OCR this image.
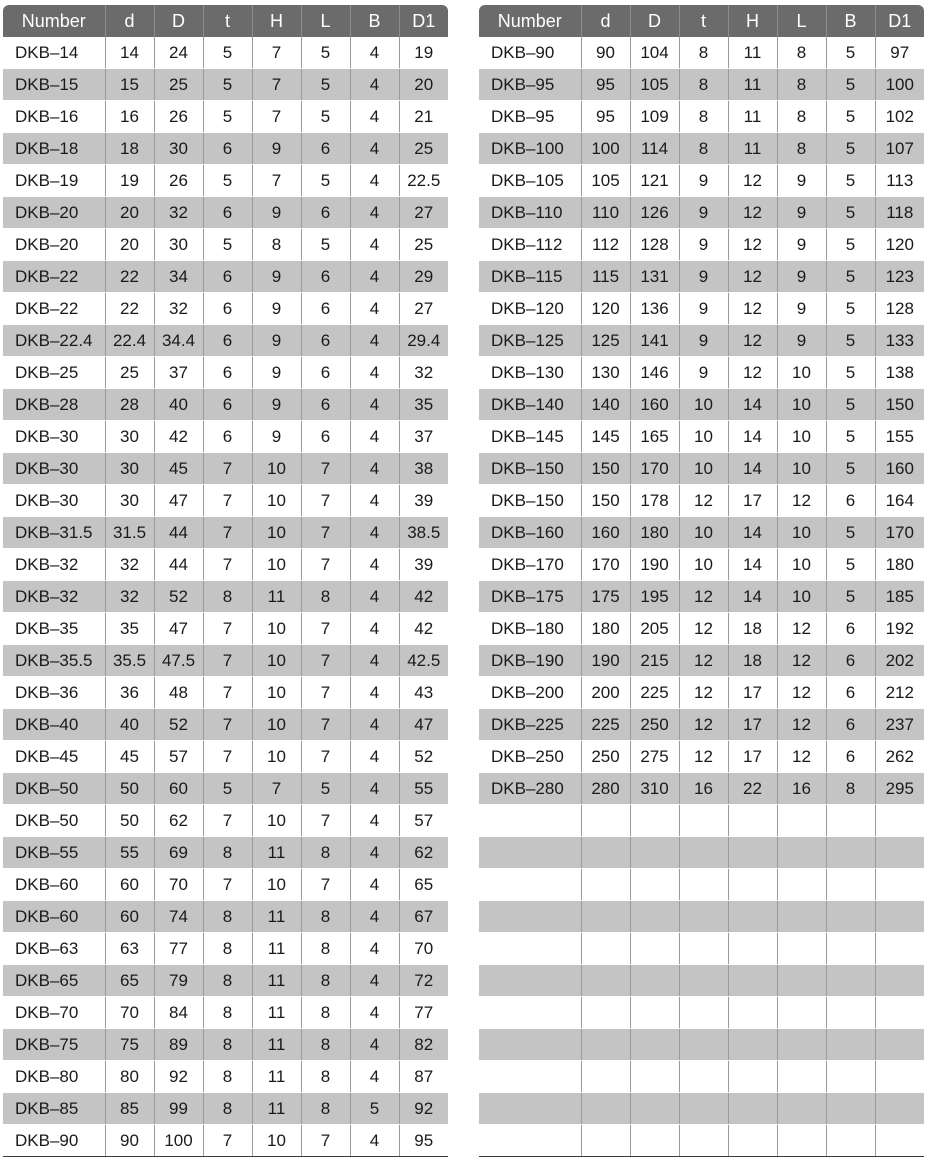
Number	d	D	t	H	L	B	D1
DKB–14	14	24	5	7	5	4	19
DKB–15	15	25	5	7	5	4	20
DKB–16	16	26	5	7	5	4	21
DKB–18	18	30	6	9	6	4	25
DKB–19	19	26	5	7	5	4	22.5
DKB–20	20	32	6	9	6	4	27
DKB–20	20	30	5	8	5	4	25
DKB–22	22	34	6	9	6	4	29
DKB–22	22	32	6	9	6	4	27
DKB–22.4	22.4	34.4	6	9	6	4	29.4
DKB–25	25	37	6	9	6	4	32
DKB–28	28	40	6	9	6	4	35
DKB–30	30	42	6	9	6	4	37
DKB–30	30	45	7	10	7	4	38
DKB–30	30	47	7	10	7	4	39
DKB–31.5	31.5	44	7	10	7	4	38.5
DKB–32	32	44	7	10	7	4	39
DKB–32	32	52	8	11	8	4	42
DKB–35	35	47	7	10	7	4	42
DKB–35.5	35.5	47.5	7	10	7	4	42.5
DKB–36	36	48	7	10	7	4	43
DKB–40	40	52	7	10	7	4	47
DKB–45	45	57	7	10	7	4	52
DKB–50	50	60	5	7	5	4	55
DKB–50	50	62	7	10	7	4	57
DKB–55	55	69	8	11	8	4	62
DKB–60	60	70	7	10	7	4	65
DKB–60	60	74	8	11	8	4	67
DKB–63	63	77	8	11	8	4	70
DKB–65	65	79	8	11	8	4	72
DKB–70	70	84	8	11	8	4	77
DKB–75	75	89	8	11	8	4	82
DKB–80	80	92	8	11	8	4	87
DKB–85	85	99	8	11	8	5	92
DKB–90	90	100	7	10	7	4	95
Number	d	D	t	H	L	B	D1
DKB–90	90	104	8	11	8	5	97
DKB–95	95	105	8	11	8	5	100
DKB–95	95	109	8	11	8	5	102
DKB–100	100	114	8	11	8	5	107
DKB–105	105	121	9	12	9	5	113
DKB–110	110	126	9	12	9	5	118
DKB–112	112	128	9	12	9	5	120
DKB–115	115	131	9	12	9	5	123
DKB–120	120	136	9	12	9	5	128
DKB–125	125	141	9	12	9	5	133
DKB–130	130	146	9	12	10	5	138
DKB–140	140	160	10	14	10	5	150
DKB–145	145	165	10	14	10	5	155
DKB–150	150	170	10	14	10	5	160
DKB–150	150	178	12	17	12	6	164
DKB–160	160	180	10	14	10	5	170
DKB–170	170	190	10	14	10	5	180
DKB–175	175	195	12	14	10	5	185
DKB–180	180	205	12	18	12	6	192
DKB–190	190	215	12	18	12	6	202
DKB–200	200	225	12	17	12	6	212
DKB–225	225	250	12	17	12	6	237
DKB–250	250	275	12	17	12	6	262
DKB–280	280	310	16	22	16	8	295
